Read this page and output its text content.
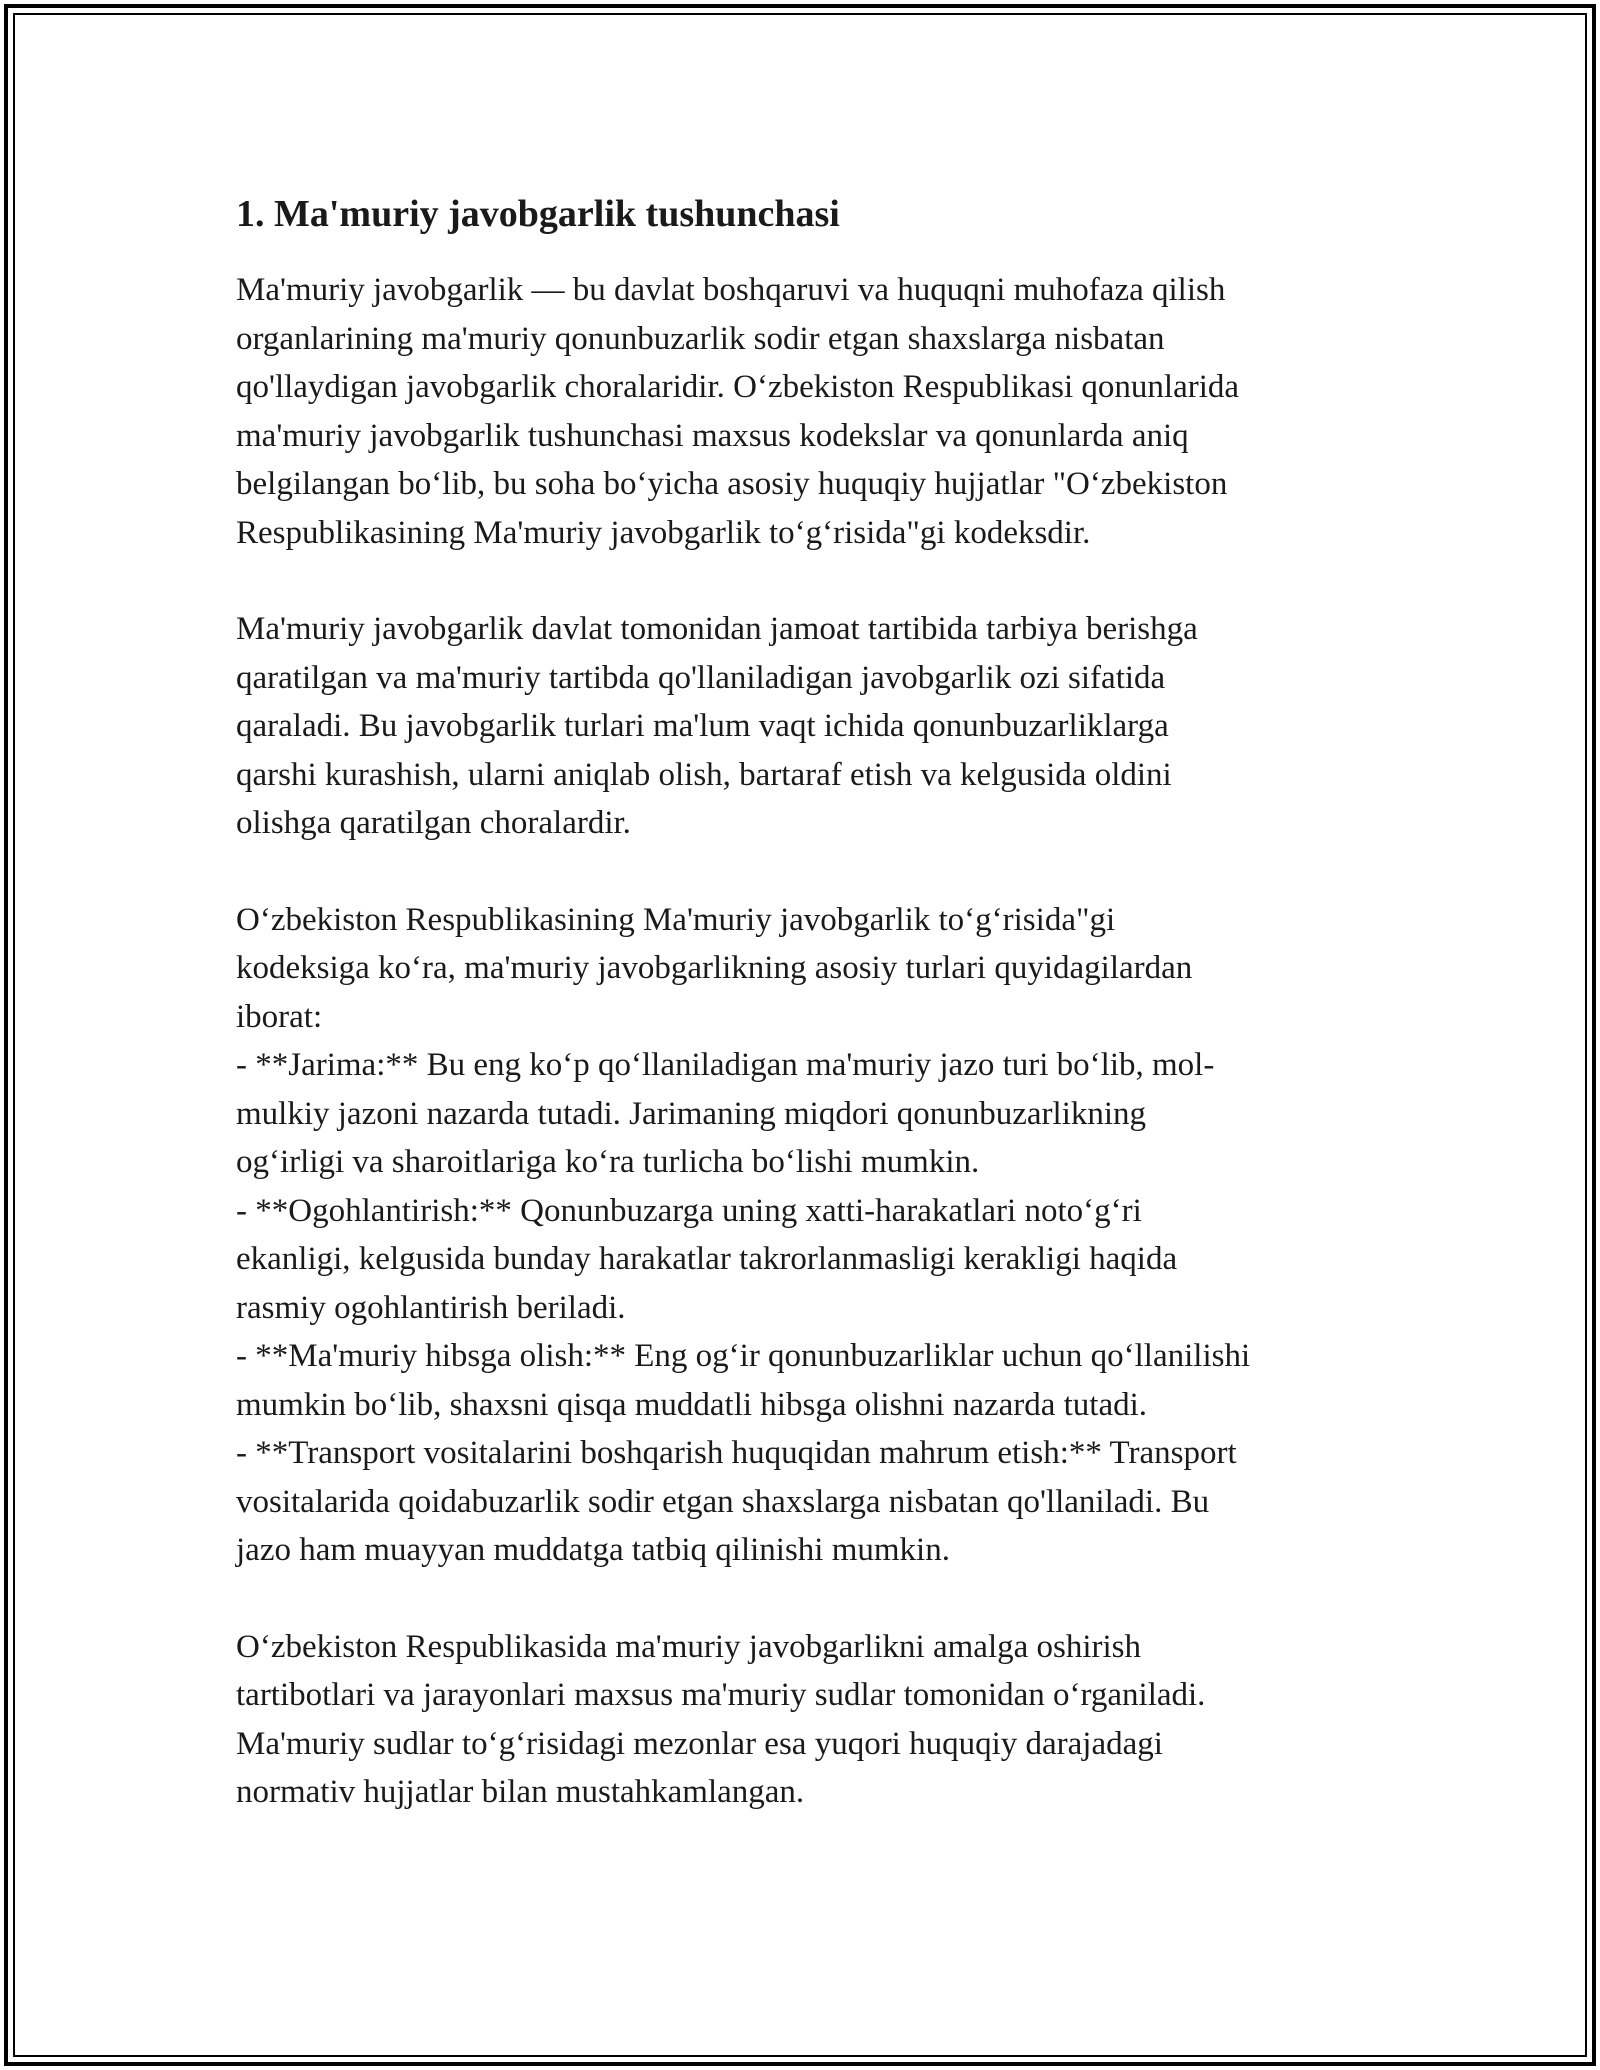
1. Ma'muriy javobgarlik tushunchasi

Ma'muriy javobgarlik — bu davlat boshqaruvi va huquqni muhofaza qilish
organlarining ma'muriy qonunbuzarlik sodir etgan shaxslarga nisbatan
qo'llaydigan javobgarlik choralaridir. O‘zbekiston Respublikasi qonunlarida
ma'muriy javobgarlik tushunchasi maxsus kodekslar va qonunlarda aniq
belgilangan bo‘lib, bu soha bo‘yicha asosiy huquqiy hujjatlar "O‘zbekiston
Respublikasining Ma'muriy javobgarlik to‘g‘risida"gi kodeksdir.

Ma'muriy javobgarlik davlat tomonidan jamoat tartibida tarbiya berishga
qaratilgan va ma'muriy tartibda qo'llaniladigan javobgarlik ozi sifatida
qaraladi. Bu javobgarlik turlari ma'lum vaqt ichida qonunbuzarliklarga
qarshi kurashish, ularni aniqlab olish, bartaraf etish va kelgusida oldini
olishga qaratilgan choralardir.

O‘zbekiston Respublikasining Ma'muriy javobgarlik to‘g‘risida"gi
kodeksiga ko‘ra, ma'muriy javobgarlikning asosiy turlari quyidagilardan
iborat:
- **Jarima:** Bu eng ko‘p qo‘llaniladigan ma'muriy jazo turi bo‘lib, mol-
mulkiy jazoni nazarda tutadi. Jarimaning miqdori qonunbuzarlikning
og‘irligi va sharoitlariga ko‘ra turlicha bo‘lishi mumkin.
- **Ogohlantirish:** Qonunbuzarga uning xatti-harakatlari noto‘g‘ri
ekanligi, kelgusida bunday harakatlar takrorlanmasligi kerakligi haqida
rasmiy ogohlantirish beriladi.
- **Ma'muriy hibsga olish:** Eng og‘ir qonunbuzarliklar uchun qo‘llanilishi
mumkin bo‘lib, shaxsni qisqa muddatli hibsga olishni nazarda tutadi.
- **Transport vositalarini boshqarish huquqidan mahrum etish:** Transport
vositalarida qoidabuzarlik sodir etgan shaxslarga nisbatan qo'llaniladi. Bu
jazo ham muayyan muddatga tatbiq qilinishi mumkin.

O‘zbekiston Respublikasida ma'muriy javobgarlikni amalga oshirish
tartibotlari va jarayonlari maxsus ma'muriy sudlar tomonidan o‘rganiladi.
Ma'muriy sudlar to‘g‘risidagi mezonlar esa yuqori huquqiy darajadagi
normativ hujjatlar bilan mustahkamlangan.
